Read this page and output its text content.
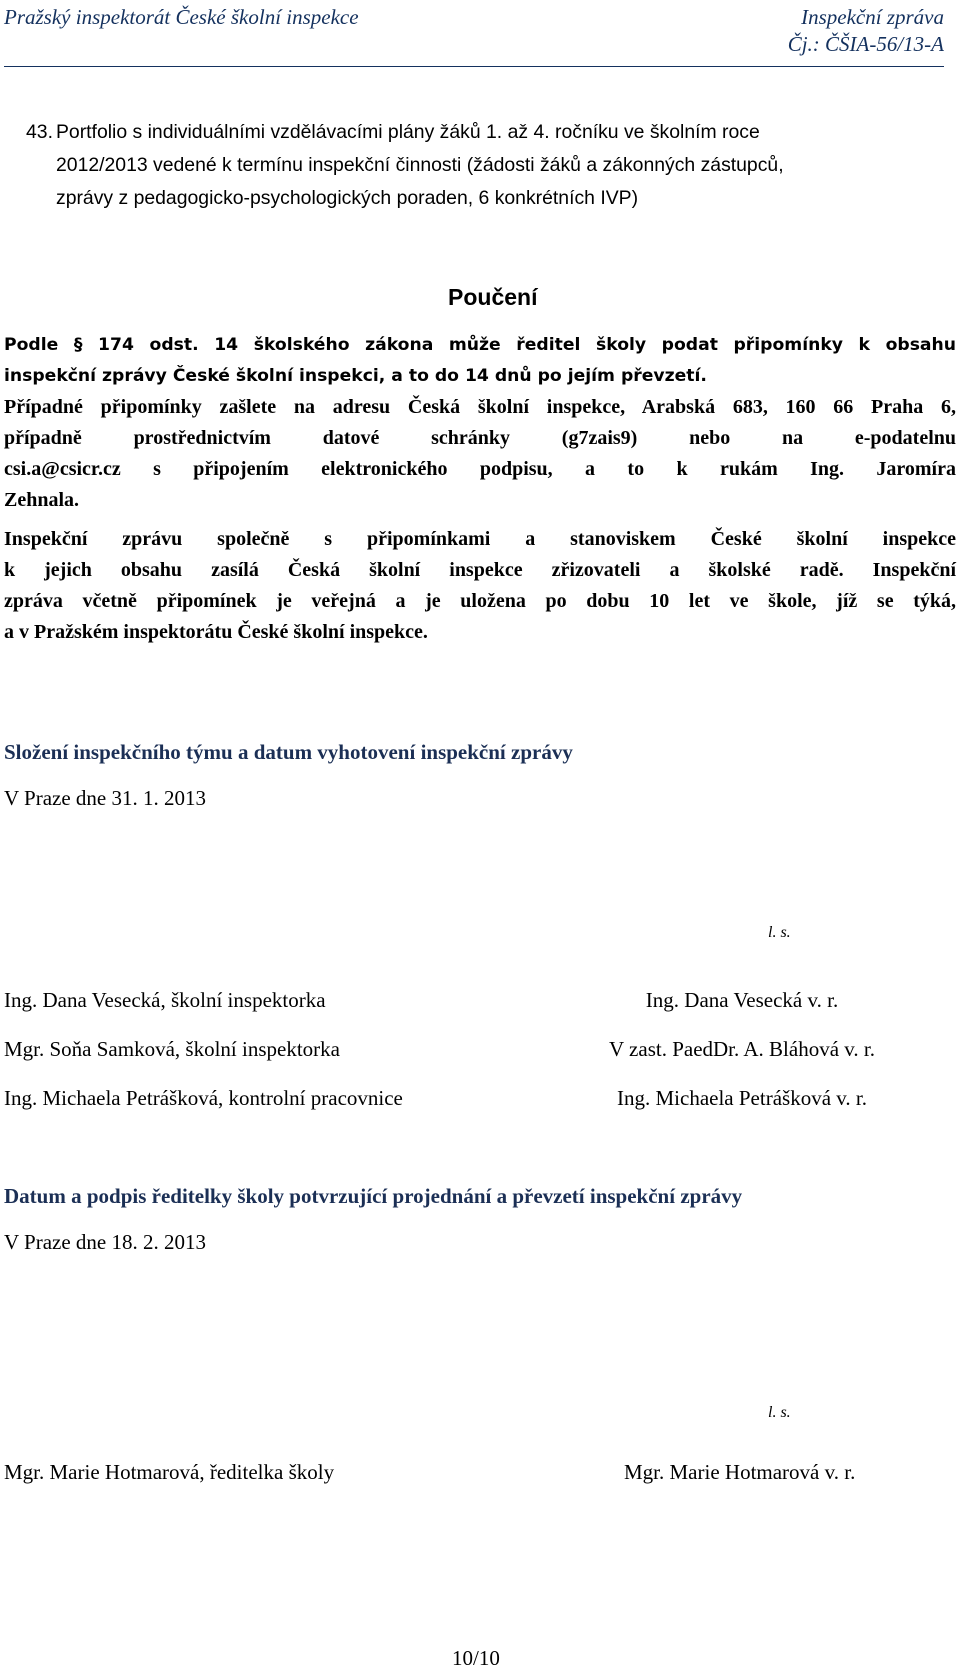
Pražský inspektorát České školní inspekce	Inspekční zpráva
Čj.: ČŠIA-56/13-A
43. Portfolio s individuálními vzdělávacími plány žáků 1. až 4. ročníku ve školním roce
2012/2013 vedené k termínu inspekční činnosti (žádosti žáků a zákonných zástupců,
zprávy z pedagogicko-psychologických poraden, 6 konkrétních IVP)
Poučení
Podle § 174 odst. 14 školského zákona může ředitel školy podat připomínky k obsahu
inspekční zprávy České školní inspekci, a to do 14 dnů po jejím převzetí.
Případné připomínky zašlete na adresu Česká školní inspekce, Arabská 683, 160 66 Praha 6,
případně prostřednictvím datové schránky (g7zais9) nebo na e-podatelnu
csi.a@csicr.cz s připojením elektronického podpisu, a to k rukám Ing. Jaromíra
Zehnala.
Inspekční zprávu společně s připomínkami a stanoviskem České školní inspekce
k jejich obsahu zasílá Česká školní inspekce zřizovateli a školské radě. Inspekční
zpráva včetně připomínek je veřejná a je uložena po dobu 10 let ve škole, jíž se týká,
a v Pražském inspektorátu České školní inspekce.
Složení inspekčního týmu a datum vyhotovení inspekční zprávy
V Praze dne 31. 1. 2013
l. s.
Ing. Dana Vesecká, školní inspektorka
Mgr. Soňa Samková, školní inspektorka
Ing. Michaela Petrášková, kontrolní pracovnice
Ing. Dana Vesecká v. r.
V zast. PaedDr. A. Bláhová v. r.
Ing. Michaela Petrášková v. r.
Datum a podpis ředitelky školy potvrzující projednání a převzetí inspekční zprávy
V Praze dne 18. 2. 2013
l. s.
Mgr. Marie Hotmarová, ředitelka školy	Mgr. Marie Hotmarová v. r.
10/10
